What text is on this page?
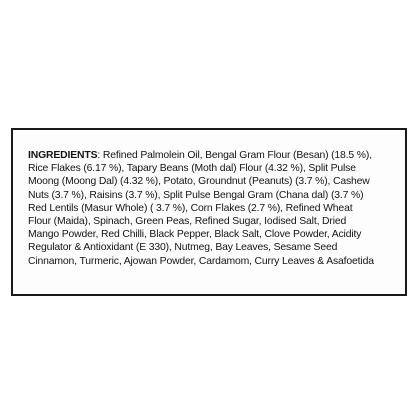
INGREDIENTS: Refined Palmolein Oil, Bengal Gram Flour (Besan) (18.5 %),
Rice Flakes (6.17 %), Tapary Beans (Moth dal) Flour (4.32 %), Split Pulse
Moong (Moong Dal) (4.32 %), Potato, Groundnut (Peanuts) (3.7 %), Cashew
Nuts (3.7 %), Raisins (3.7 %), Split Pulse Bengal Gram (Chana dal) (3.7 %)
Red Lentils (Masur Whole) ( 3.7 %), Corn Flakes (2.7 %), Refined Wheat
Flour (Maida), Spinach, Green Peas, Refined Sugar, Iodised Salt, Dried
Mango Powder, Red Chilli, Black Pepper, Black Salt, Clove Powder, Acidity
Regulator & Antioxidant (E 330), Nutmeg, Bay Leaves, Sesame Seed
Cinnamon, Turmeric, Ajowan Powder, Cardamom, Curry Leaves & Asafoetida
